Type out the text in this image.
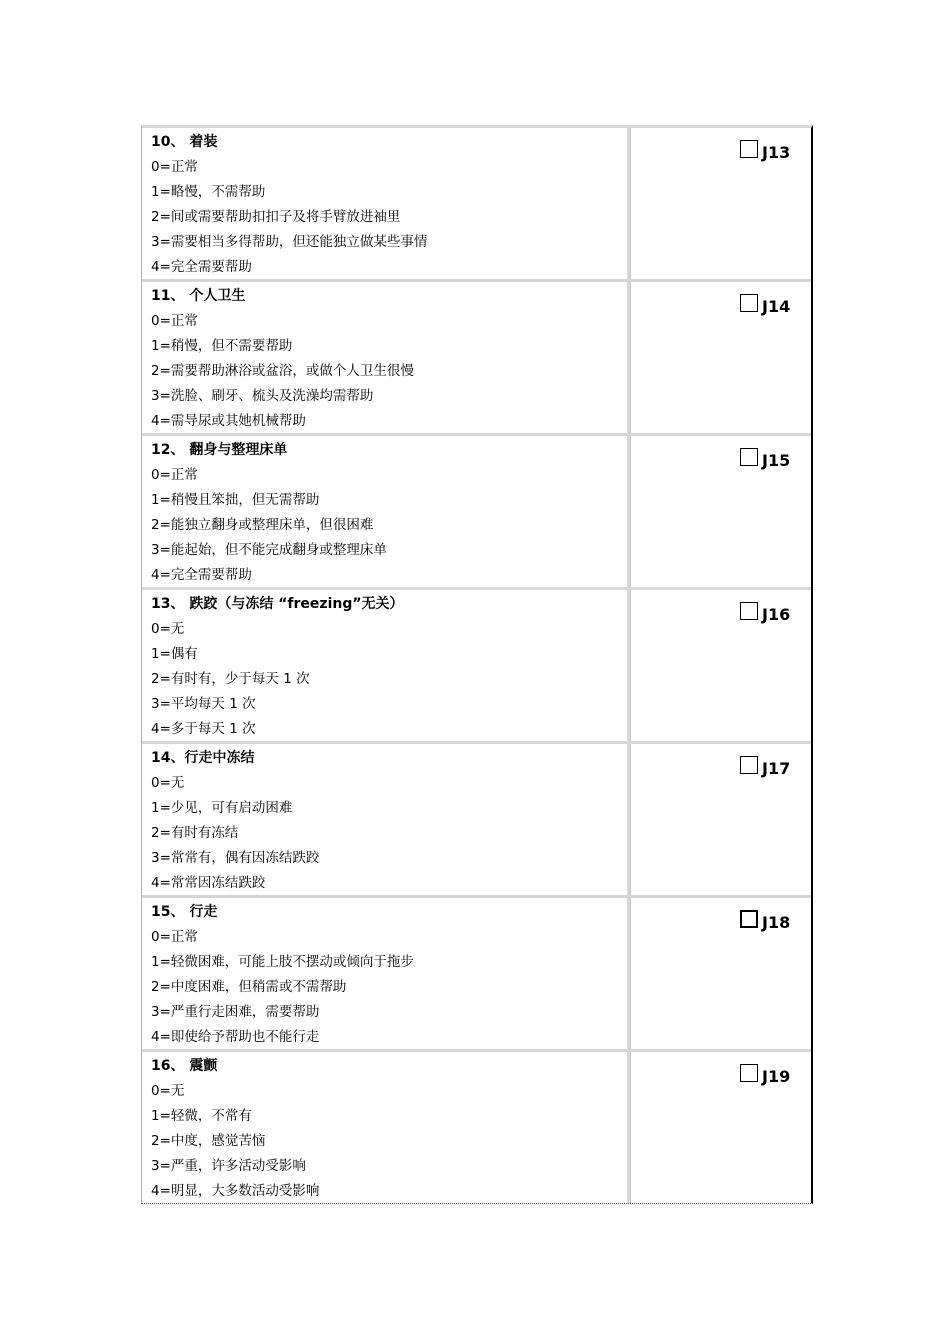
10、 着装
0=正常
1=略慢，不需帮助
2=间或需要帮助扣扣子及将手臂放进袖里
3=需要相当多得帮助，但还能独立做某些事情
4=完全需要帮助
J13
11、 个人卫生
0=正常
1=稍慢，但不需要帮助
2=需要帮助淋浴或盆浴，或做个人卫生很慢
3=洗脸、刷牙、梳头及洗澡均需帮助
4=需导尿或其她机械帮助
J14
12、 翻身与整理床单
0=正常
1=稍慢且笨拙，但无需帮助
2=能独立翻身或整理床单，但很困难
3=能起始，但不能完成翻身或整理床单
4=完全需要帮助
J15
13、 跌跤（与冻结 “freezing”无关）
0=无
1=偶有
2=有时有，少于每天 1 次
3=平均每天 1 次
4=多于每天 1 次
J16
14、行走中冻结
0=无
1=少见，可有启动困难
2=有时有冻结
3=常常有，偶有因冻结跌跤
4=常常因冻结跌跤
J17
15、 行走
0=正常
1=轻微困难，可能上肢不摆动或倾向于拖步
2=中度困难，但稍需或不需帮助
3=严重行走困难，需要帮助
4=即使给予帮助也不能行走
J18
16、 震颤
0=无
1=轻微，不常有
2=中度，感觉苦恼
3=严重，许多活动受影响
4=明显，大多数活动受影响
J19
